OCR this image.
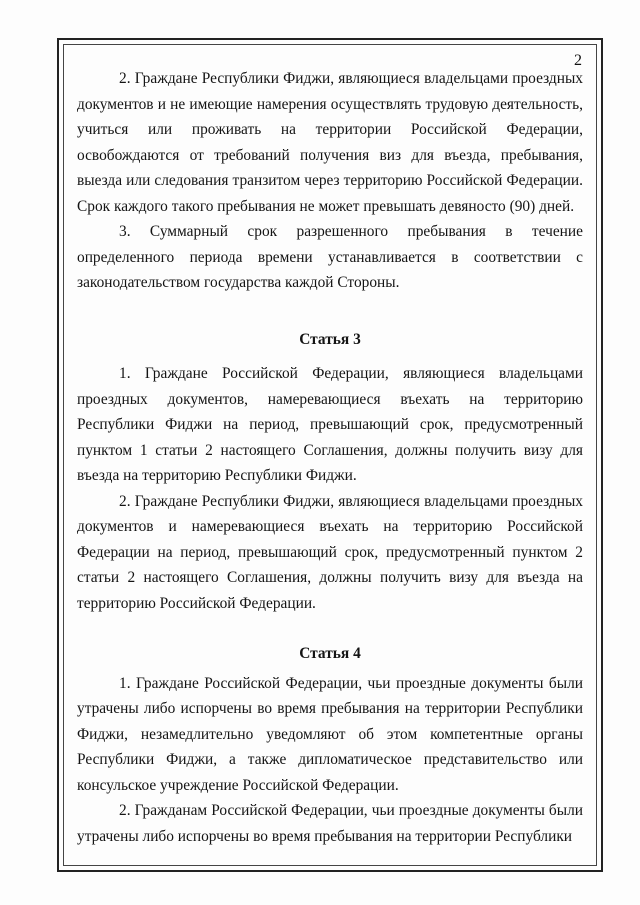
2

2. Граждане Республики Фиджи, являющиеся владельцами проездных документов и не имеющие намерения осуществлять трудовую деятельность, учиться или проживать на территории Российской Федерации, освобождаются от требований получения виз для въезда, пребывания, выезда или следования транзитом через территорию Российской Федерации. Срок каждого такого пребывания не может превышать девяносто (90) дней.

3. Суммарный срок разрешенного пребывания в течение определенного периода времени устанавливается в соответствии с законодательством государства каждой Стороны.

Статья 3

1. Граждане Российской Федерации, являющиеся владельцами проездных документов, намеревающиеся въехать на территорию Республики Фиджи на период, превышающий срок, предусмотренный пунктом 1 статьи 2 настоящего Соглашения, должны получить визу для въезда на территорию Республики Фиджи.

2. Граждане Республики Фиджи, являющиеся владельцами проездных документов и намеревающиеся въехать на территорию Российской Федерации на период, превышающий срок, предусмотренный пунктом 2 статьи 2 настоящего Соглашения, должны получить визу для въезда на территорию Российской Федерации.

Статья 4

1. Граждане Российской Федерации, чьи проездные документы были утрачены либо испорчены во время пребывания на территории Республики Фиджи, незамедлительно уведомляют об этом компетентные органы Республики Фиджи, а также дипломатическое представительство или консульское учреждение Российской Федерации.

2. Гражданам Российской Федерации, чьи проездные документы были утрачены либо испорчены во время пребывания на территории Республики
